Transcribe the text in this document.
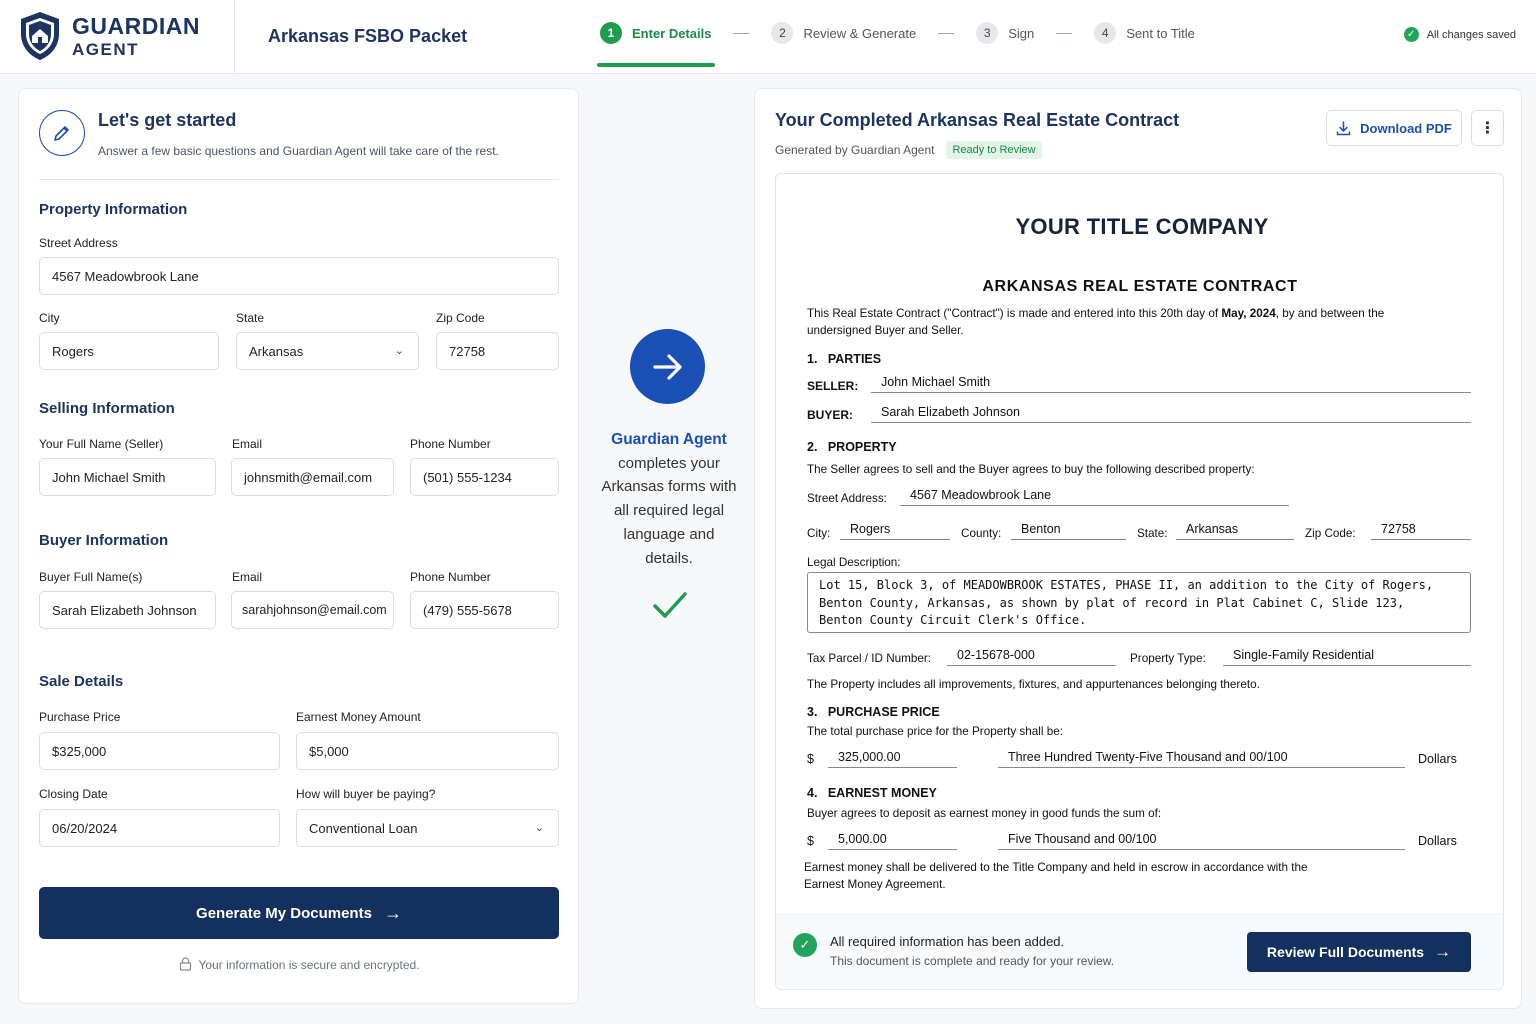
GUARDIAN
AGENT
Arkansas FSBO Packet	1	Enter Details	2	Review & Generate	3	Sign	4	Sent to Title	✓	All changes saved
Let's get started
Answer a few basic questions and Guardian Agent will take care of the rest.
Property Information
Street Address
4567 Meadowbrook Lane
City
Rogers
State
Arkansas	⌄
Zip Code
72758
Selling Information
Your Full Name (Seller)
John Michael Smith
Email
johnsmith@email.com
Phone Number
(501) 555-1234
Buyer Information
Buyer Full Name(s)
Sarah Elizabeth Johnson
Email
sarahjohnson@email.com
Phone Number
(479) 555-5678
Sale Details
Purchase Price
$325,000
Earnest Money Amount
$5,000
Closing Date
06/20/2024
How will buyer be paying?
Conventional Loan	⌄
Generate My Documents →
Your information is secure and encrypted.
Guardian Agent
completes your Arkansas forms with all required legal language and details.
Your Completed Arkansas Real Estate Contract
Generated by Guardian Agent	Ready to Review
Download PDF ⋮
YOUR TITLE COMPANY
ARKANSAS REAL ESTATE CONTRACT
This Real Estate Contract ("Contract") is made and entered into this 20th day of May, 2024, by and between the
undersigned Buyer and Seller.
1.   PARTIES
SELLER:	John Michael Smith
BUYER:	Sarah Elizabeth Johnson
2.   PROPERTY
The Seller agrees to sell and the Buyer agrees to buy the following described property:
Street Address:	4567 Meadowbrook Lane
City:	Rogers	County:	Benton	State:	Arkansas	Zip Code:	72758
Legal Description:
Lot 15, Block 3, of MEADOWBROOK ESTATES, PHASE II, an addition to the City of Rogers,
Benton County, Arkansas, as shown by plat of record in Plat Cabinet C, Slide 123,
Benton County Circuit Clerk's Office.
Tax Parcel / ID Number:	02-15678-000	Property Type:	Single-Family Residential
The Property includes all improvements, fixtures, and appurtenances belonging thereto.
3.   PURCHASE PRICE
The total purchase price for the Property shall be:
$	325,000.00	Three Hundred Twenty-Five Thousand and 00/100	Dollars
4.   EARNEST MONEY
Buyer agrees to deposit as earnest money in good funds the sum of:
$	5,000.00	Five Thousand and 00/100	Dollars
Earnest money shall be delivered to the Title Company and held in escrow in accordance with the
Earnest Money Agreement.
✓	All required information has been added.
This document is complete and ready for your review.
Review Full Documents →
